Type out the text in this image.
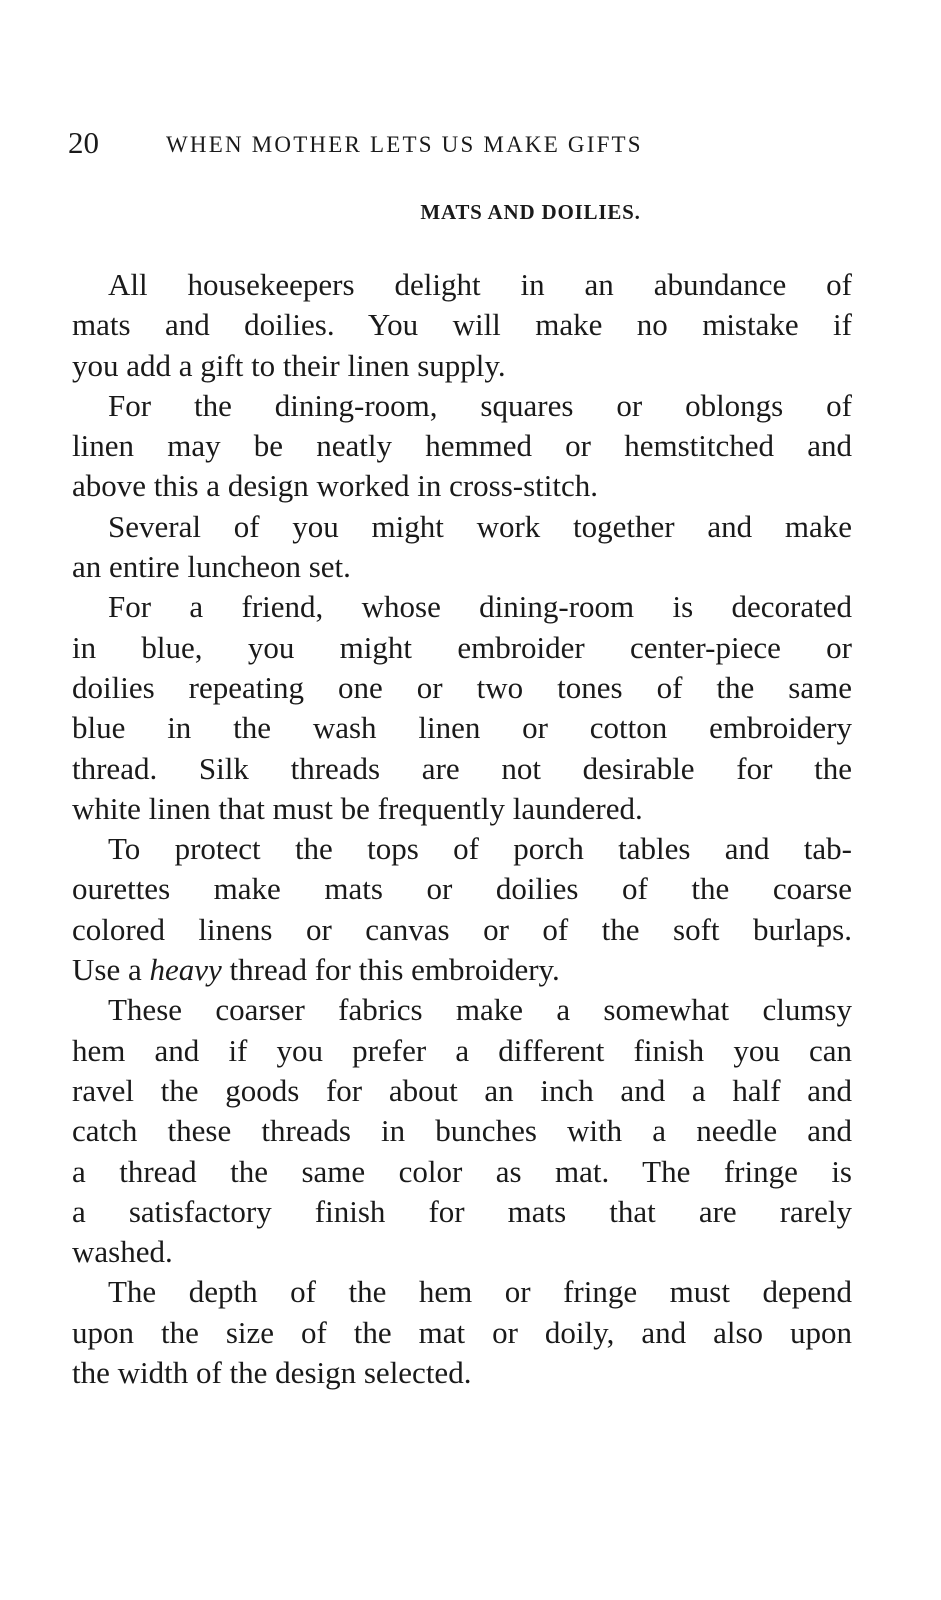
20	WHEN MOTHER LETS US MAKE GIFTS
MATS AND DOILIES.

All housekeepers delight in an abundance of
mats and doilies. You will make no mistake if
you add a gift to their linen supply.

For the dining-room, squares or oblongs of
linen may be neatly hemmed or hemstitched and
above this a design worked in cross-stitch.

Several of you might work together and make
an entire luncheon set.

For a friend, whose dining-room is decorated
in blue, you might embroider center-piece or
doilies repeating one or two tones of the same
blue in the wash linen or cotton embroidery
thread. Silk threads are not desirable for the
white linen that must be frequently laundered.

To protect the tops of porch tables and tab-
ourettes make mats or doilies of the coarse
colored linens or canvas or of the soft burlaps.
Use a heavy thread for this embroidery.

These coarser fabrics make a somewhat clumsy
hem and if you prefer a different finish you can
ravel the goods for about an inch and a half and
catch these threads in bunches with a needle and
a thread the same color as mat. The fringe is
a satisfactory finish for mats that are rarely
washed.

The depth of the hem or fringe must depend
upon the size of the mat or doily, and also upon
the width of the design selected.
